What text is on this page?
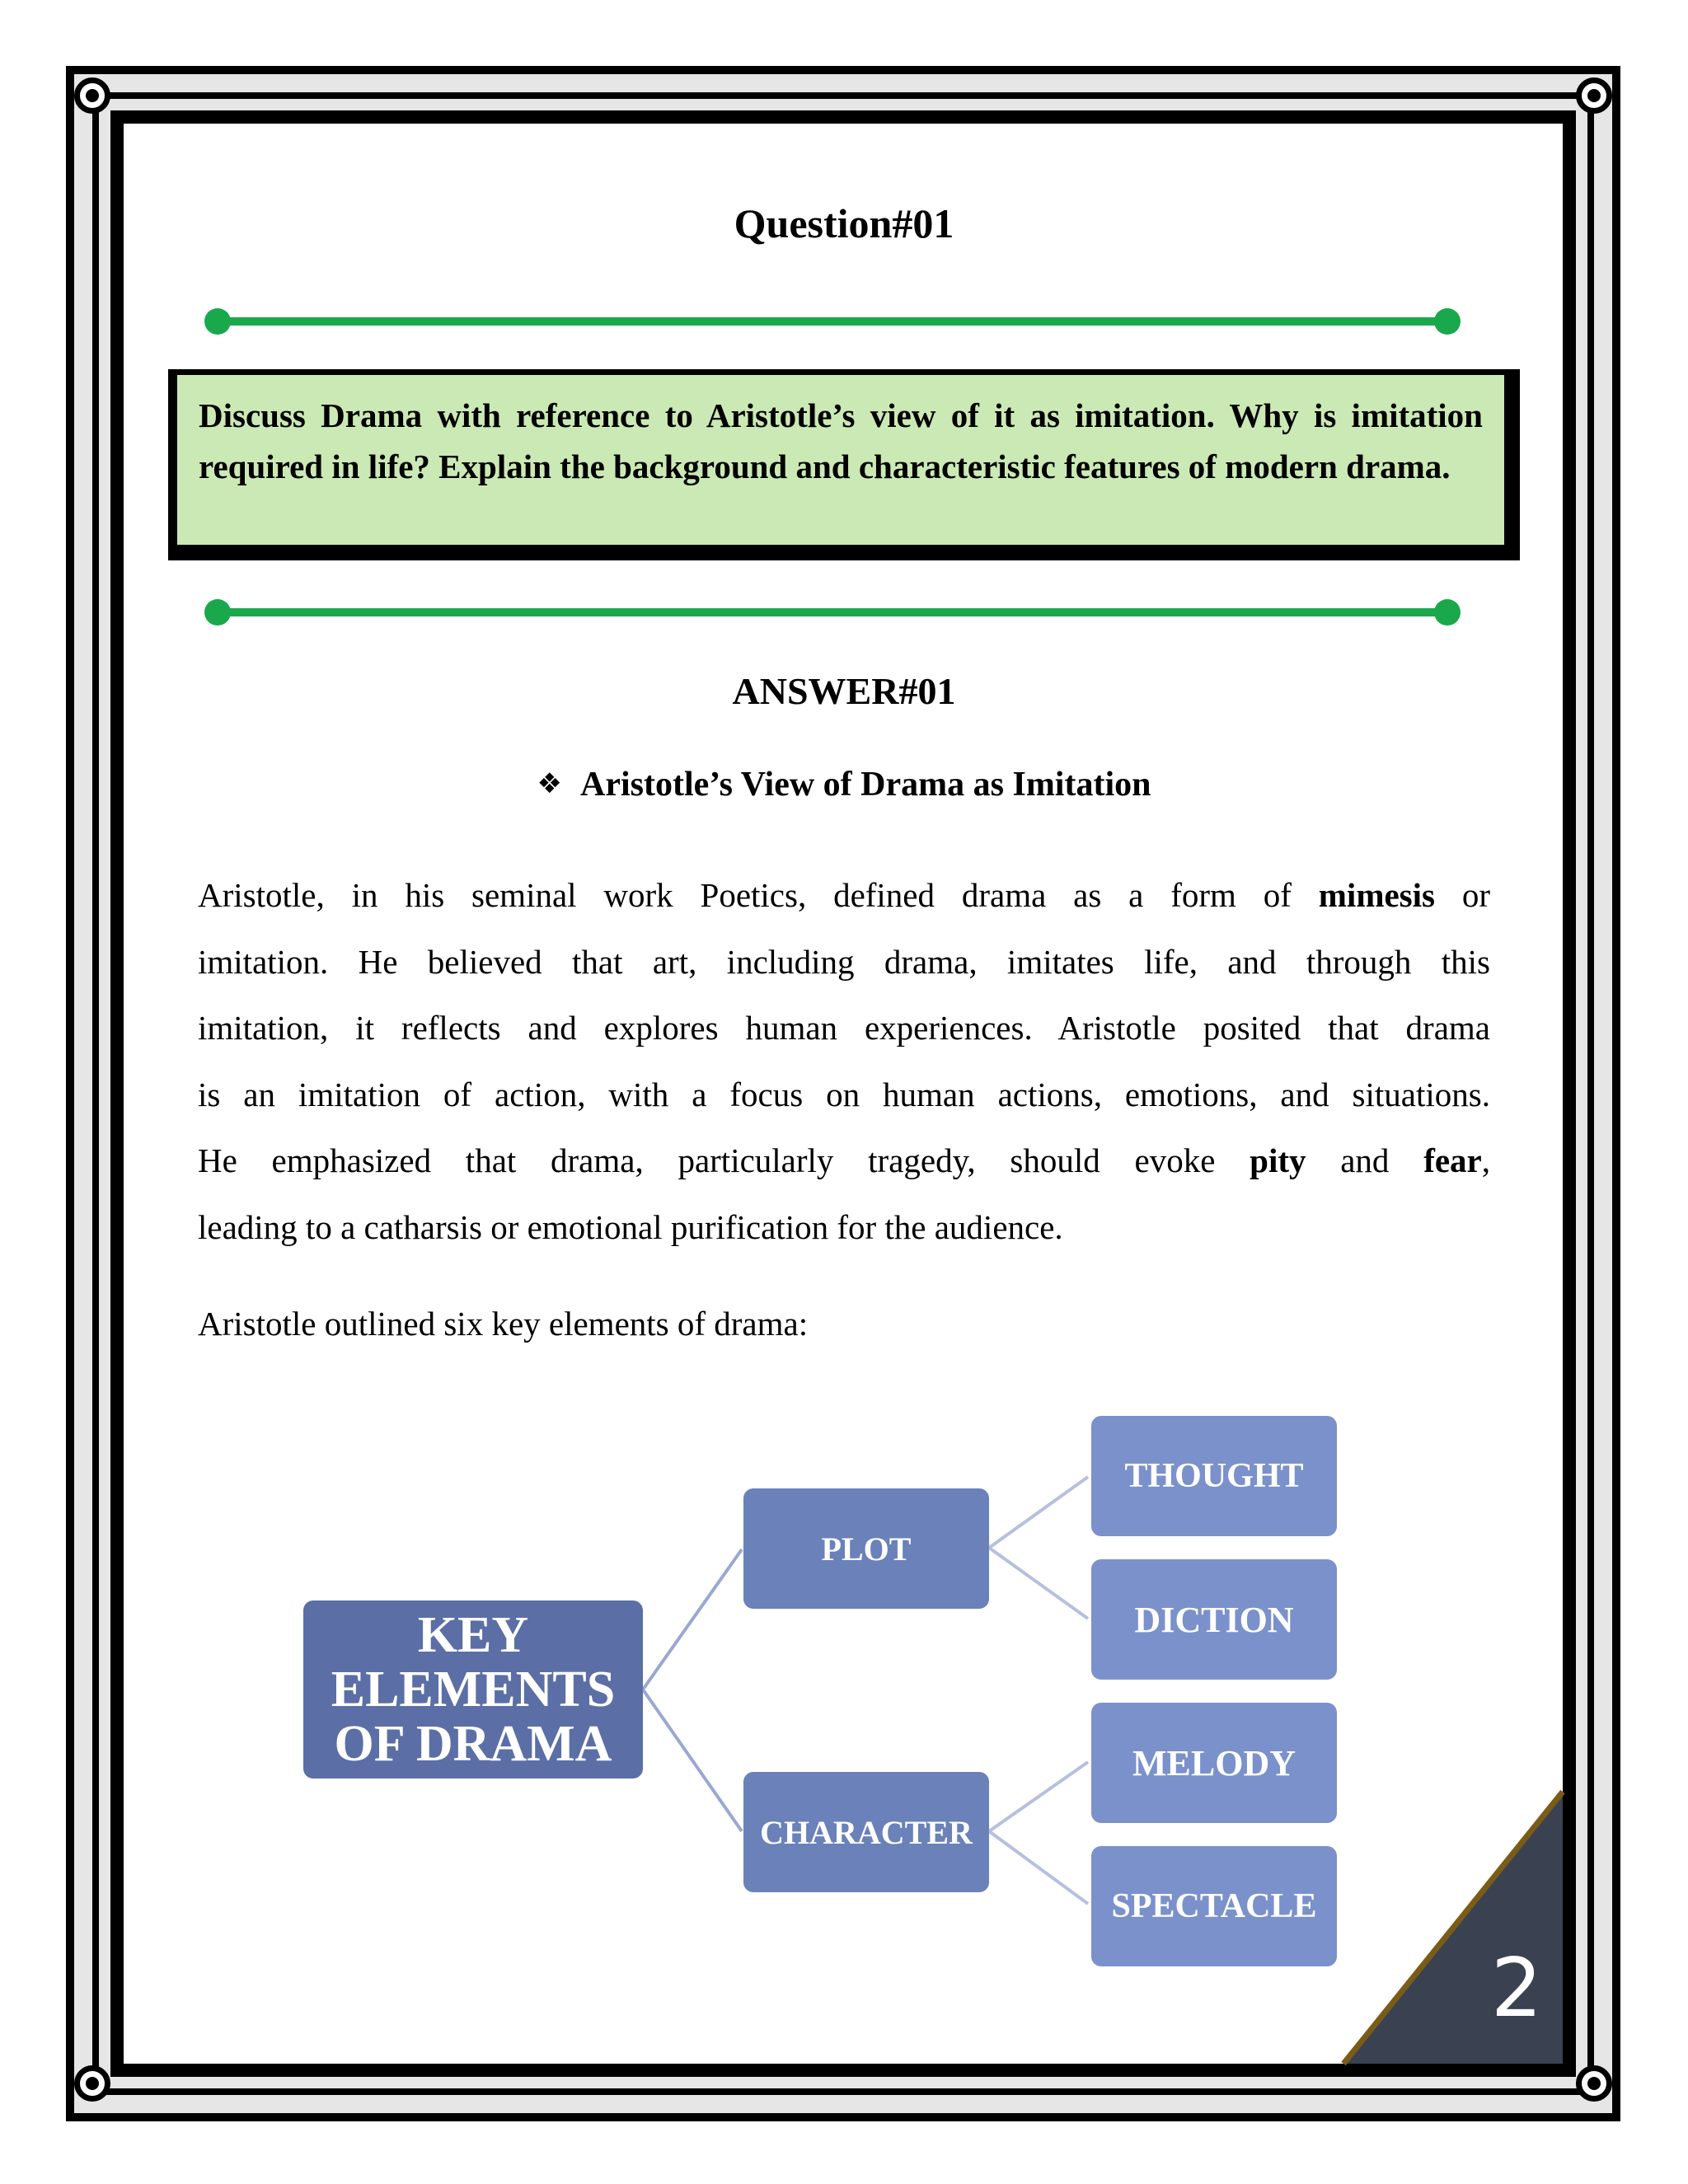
Question#01
Discuss Drama with reference to Aristotle’s view of it as imitation. Why is imitation required in life? Explain the background and characteristic features of modern drama.
ANSWER#01
❖ Aristotle’s View of Drama as Imitation
Aristotle, in his seminal work Poetics, defined drama as a form of mimesis or
imitation. He believed that art, including drama, imitates life, and through this
imitation, it reflects and explores human experiences. Aristotle posited that drama
is an imitation of action, with a focus on human actions, emotions, and situations.
He emphasized that drama, particularly tragedy, should evoke pity and fear,
leading to a catharsis or emotional purification for the audience.
Aristotle outlined six key elements of drama:
KEY ELEMENTS OF DRAMA
PLOT
CHARACTER
THOUGHT
DICTION
MELODY
SPECTACLE
2
